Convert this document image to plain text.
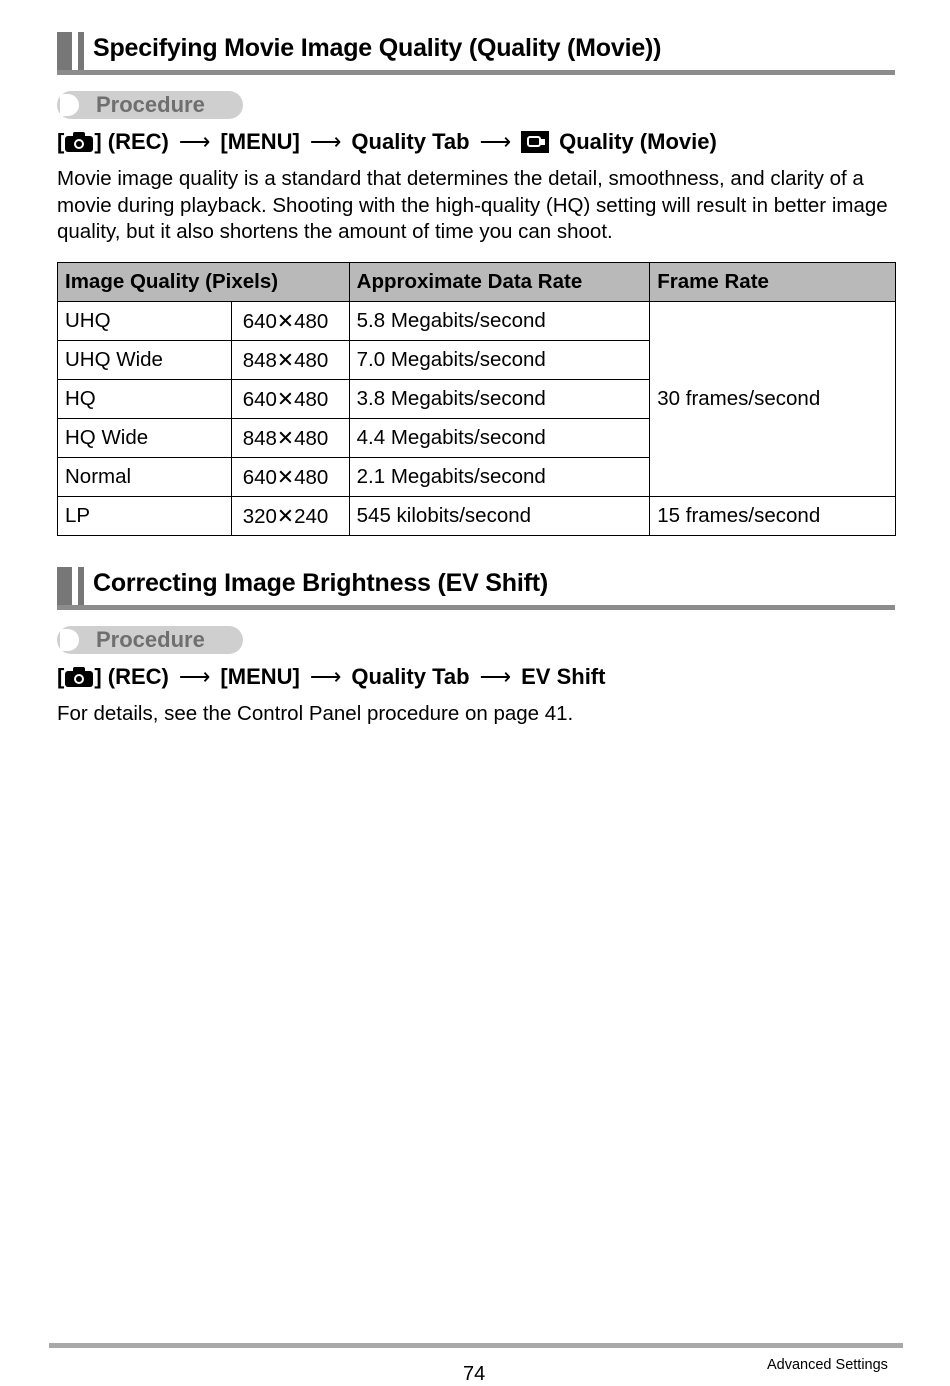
Specifying Movie Image Quality (Quality (Movie))
Procedure
[ ] (REC) ⟶ [MENU] ⟶ Quality Tab ⟶ Quality (Movie)
Movie image quality is a standard that determines the detail, smoothness, and clarity of a movie during playback. Shooting with the high-quality (HQ) setting will result in better image quality, but it also shortens the amount of time you can shoot.
Image Quality (Pixels)		Approximate Data Rate	Frame Rate
UHQ	640✕480	5.8 Megabits/second	30 frames/second
UHQ Wide	848✕480	7.0 Megabits/second	
HQ	640✕480	3.8 Megabits/second	
HQ Wide	848✕480	4.4 Megabits/second	
Normal	640✕480	2.1 Megabits/second	
LP	320✕240	545 kilobits/second	15 frames/second
Correcting Image Brightness (EV Shift)
Procedure
[ ] (REC) ⟶ [MENU] ⟶ Quality Tab ⟶ EV Shift
For details, see the Control Panel procedure on page 41.
74	Advanced Settings
